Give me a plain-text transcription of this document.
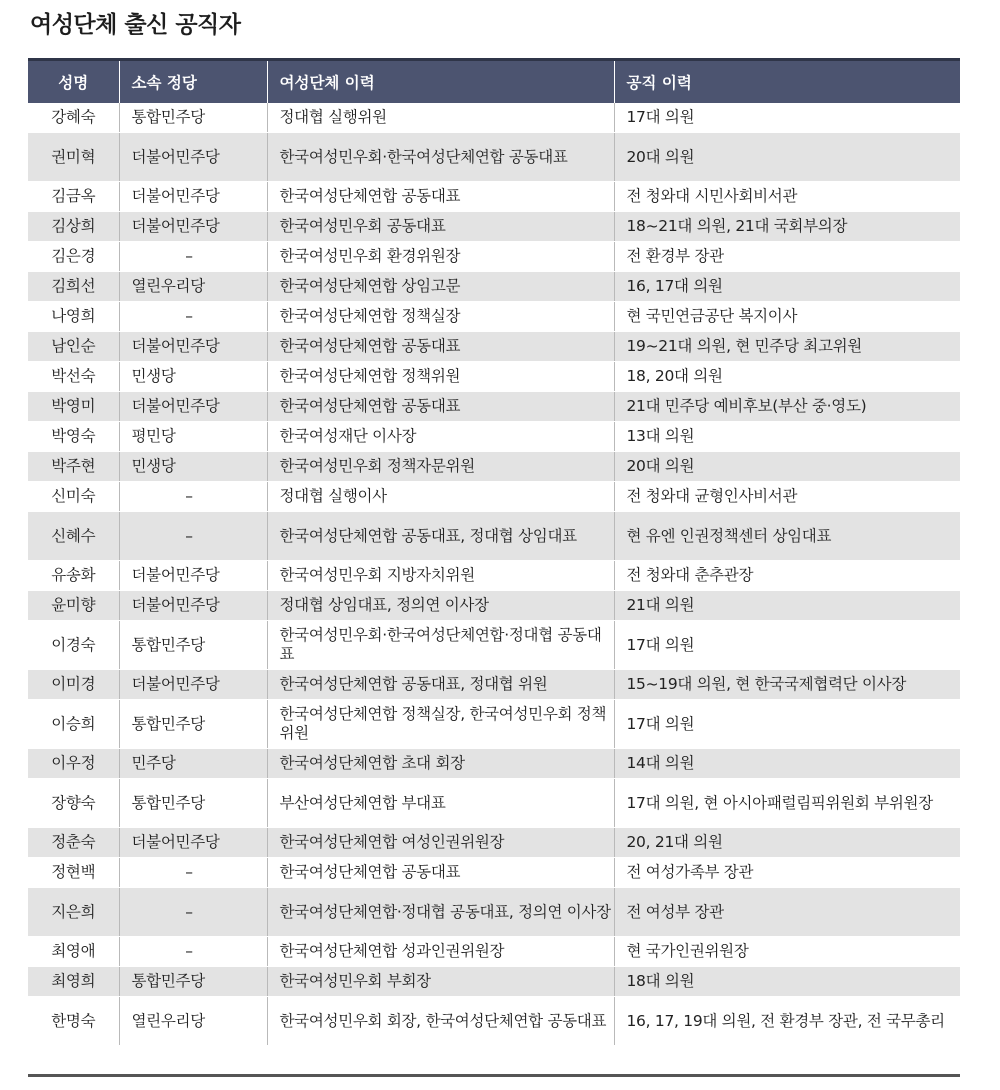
여성단체 출신 공직자
성명	소속 정당	여성단체 이력	공직 이력
강혜숙	통합민주당	정대협 실행위원	17대 의원
권미혁	더불어민주당	한국여성민우회·한국여성단체연합 공동대표	20대 의원
김금옥	더불어민주당	한국여성단체연합 공동대표	전 청와대 시민사회비서관
김상희	더불어민주당	한국여성민우회 공동대표	18~21대 의원, 21대 국회부의장
김은경	–	한국여성민우회 환경위원장	전 환경부 장관
김희선	열린우리당	한국여성단체연합 상임고문	16, 17대 의원
나영희	–	한국여성단체연합 정책실장	현 국민연금공단 복지이사
남인순	더불어민주당	한국여성단체연합 공동대표	19~21대 의원, 현 민주당 최고위원
박선숙	민생당	한국여성단체연합 정책위원	18, 20대 의원
박영미	더불어민주당	한국여성단체연합 공동대표	21대 민주당 예비후보(부산 중·영도)
박영숙	평민당	한국여성재단 이사장	13대 의원
박주현	민생당	한국여성민우회 정책자문위원	20대 의원
신미숙	–	정대협 실행이사	전 청와대 균형인사비서관
신혜수	–	한국여성단체연합 공동대표, 정대협 상임대표	현 유엔 인권정책센터 상임대표
유송화	더불어민주당	한국여성민우회 지방자치위원	전 청와대 춘추관장
윤미향	더불어민주당	정대협 상임대표, 정의연 이사장	21대 의원
이경숙	통합민주당	한국여성민우회·한국여성단체연합·정대협 공동대표	17대 의원
이미경	더불어민주당	한국여성단체연합 공동대표, 정대협 위원	15~19대 의원, 현 한국국제협력단 이사장
이승희	통합민주당	한국여성단체연합 정책실장, 한국여성민우회 정책위원	17대 의원
이우정	민주당	한국여성단체연합 초대 회장	14대 의원
장향숙	통합민주당	부산여성단체연합 부대표	17대 의원, 현 아시아패럴림픽위원회 부위원장
정춘숙	더불어민주당	한국여성단체연합 여성인권위원장	20, 21대 의원
정현백	–	한국여성단체연합 공동대표	전 여성가족부 장관
지은희	–	한국여성단체연합·정대협 공동대표, 정의연 이사장	전 여성부 장관
최영애	–	한국여성단체연합 성과인권위원장	현 국가인권위원장
최영희	통합민주당	한국여성민우회 부회장	18대 의원
한명숙	열린우리당	한국여성민우회 회장, 한국여성단체연합 공동대표	16, 17, 19대 의원, 전 환경부 장관, 전 국무총리
